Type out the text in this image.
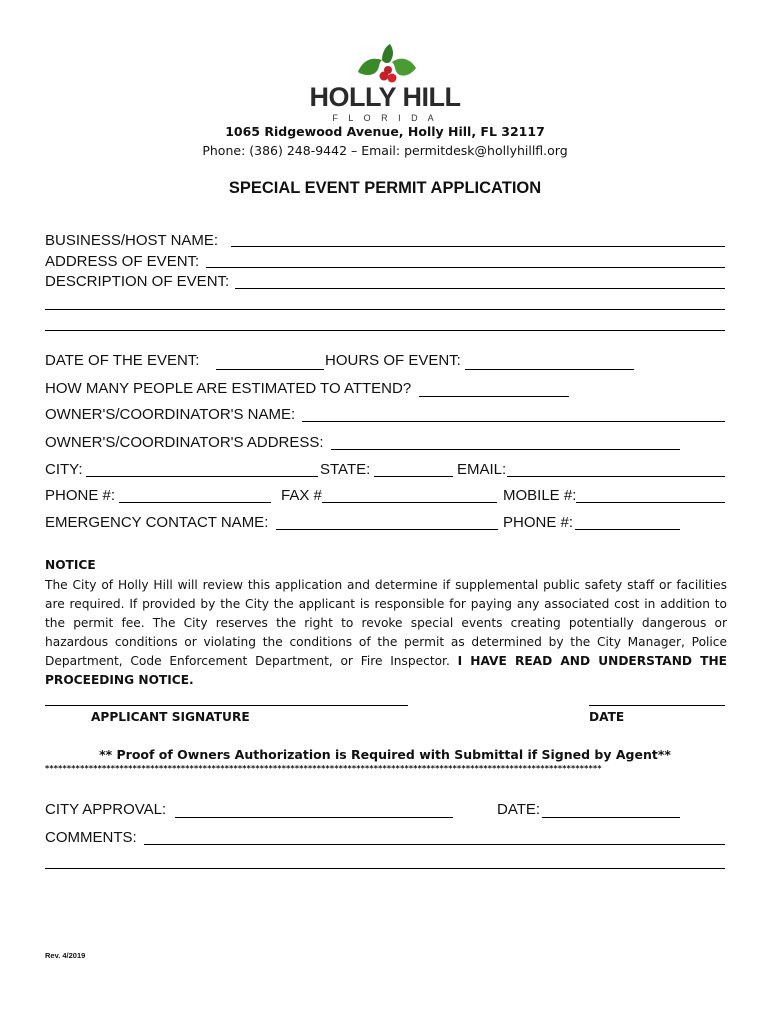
HOLLY HILL
F L O R I D A
1065 Ridgewood Avenue, Holly Hill, FL 32117
Phone: (386) 248-9442 – Email: permitdesk@hollyhillfl.org
SPECIAL EVENT PERMIT APPLICATION
BUSINESS/HOST NAME:
ADDRESS OF EVENT:
DESCRIPTION OF EVENT:
DATE OF THE EVENT:	HOURS OF EVENT:
HOW MANY PEOPLE ARE ESTIMATED TO ATTEND?
OWNER'S/COORDINATOR'S NAME:
OWNER'S/COORDINATOR'S ADDRESS:
CITY:	STATE:	EMAIL:
PHONE #:	FAX #	MOBILE #:
EMERGENCY CONTACT NAME:	PHONE #:
NOTICE
The City of Holly Hill will review this application and determine if supplemental public safety staff or facilities are required. If provided by the City the applicant is responsible for paying any associated cost in addition to the permit fee. The City reserves the right to revoke special events creating potentially dangerous or hazardous conditions or violating the conditions of the permit as determined by the City Manager, Police Department, Code Enforcement Department, or Fire Inspector. I HAVE READ AND UNDERSTAND THE PROCEEDING NOTICE.
APPLICANT SIGNATURE	DATE
** Proof of Owners Authorization is Required with Submittal if Signed by Agent**
*******************************************************************************************************************************
CITY APPROVAL:	DATE:
COMMENTS:
Rev. 4/2019
